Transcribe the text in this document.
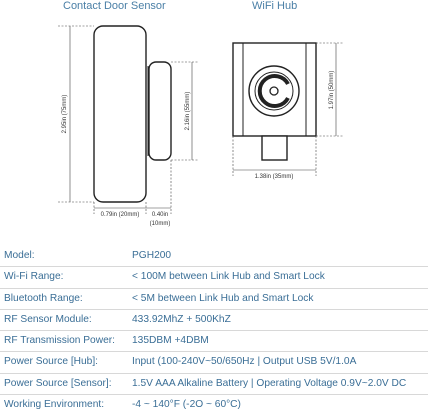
Contact Door Sensor	WiFi Hub
2.95in (75mm)	2.16in (55mm)
0.79in (20mm) 0.40in
(10mm)
1.97in (50mm)
1.38in (35mm)
Model:	PGH200
Wi-Fi Range:	< 100M between Link Hub and Smart Lock
Bluetooth Range:	< 5M between Link Hub and Smart Lock
RF Sensor Module:	433.92MhZ + 500KhZ
RF Transmission Power: 135DBM +4DBM
Power Source [Hub]:	Input (100-240V~50/650Hz | Output USB 5V/1.0A
Power Source [Sensor]: 1.5V AAA Alkaline Battery | Operating Voltage 0.9V~2.0V DC
Working Environment:	-4 ~ 140°F (-2O ~ 60°C)
